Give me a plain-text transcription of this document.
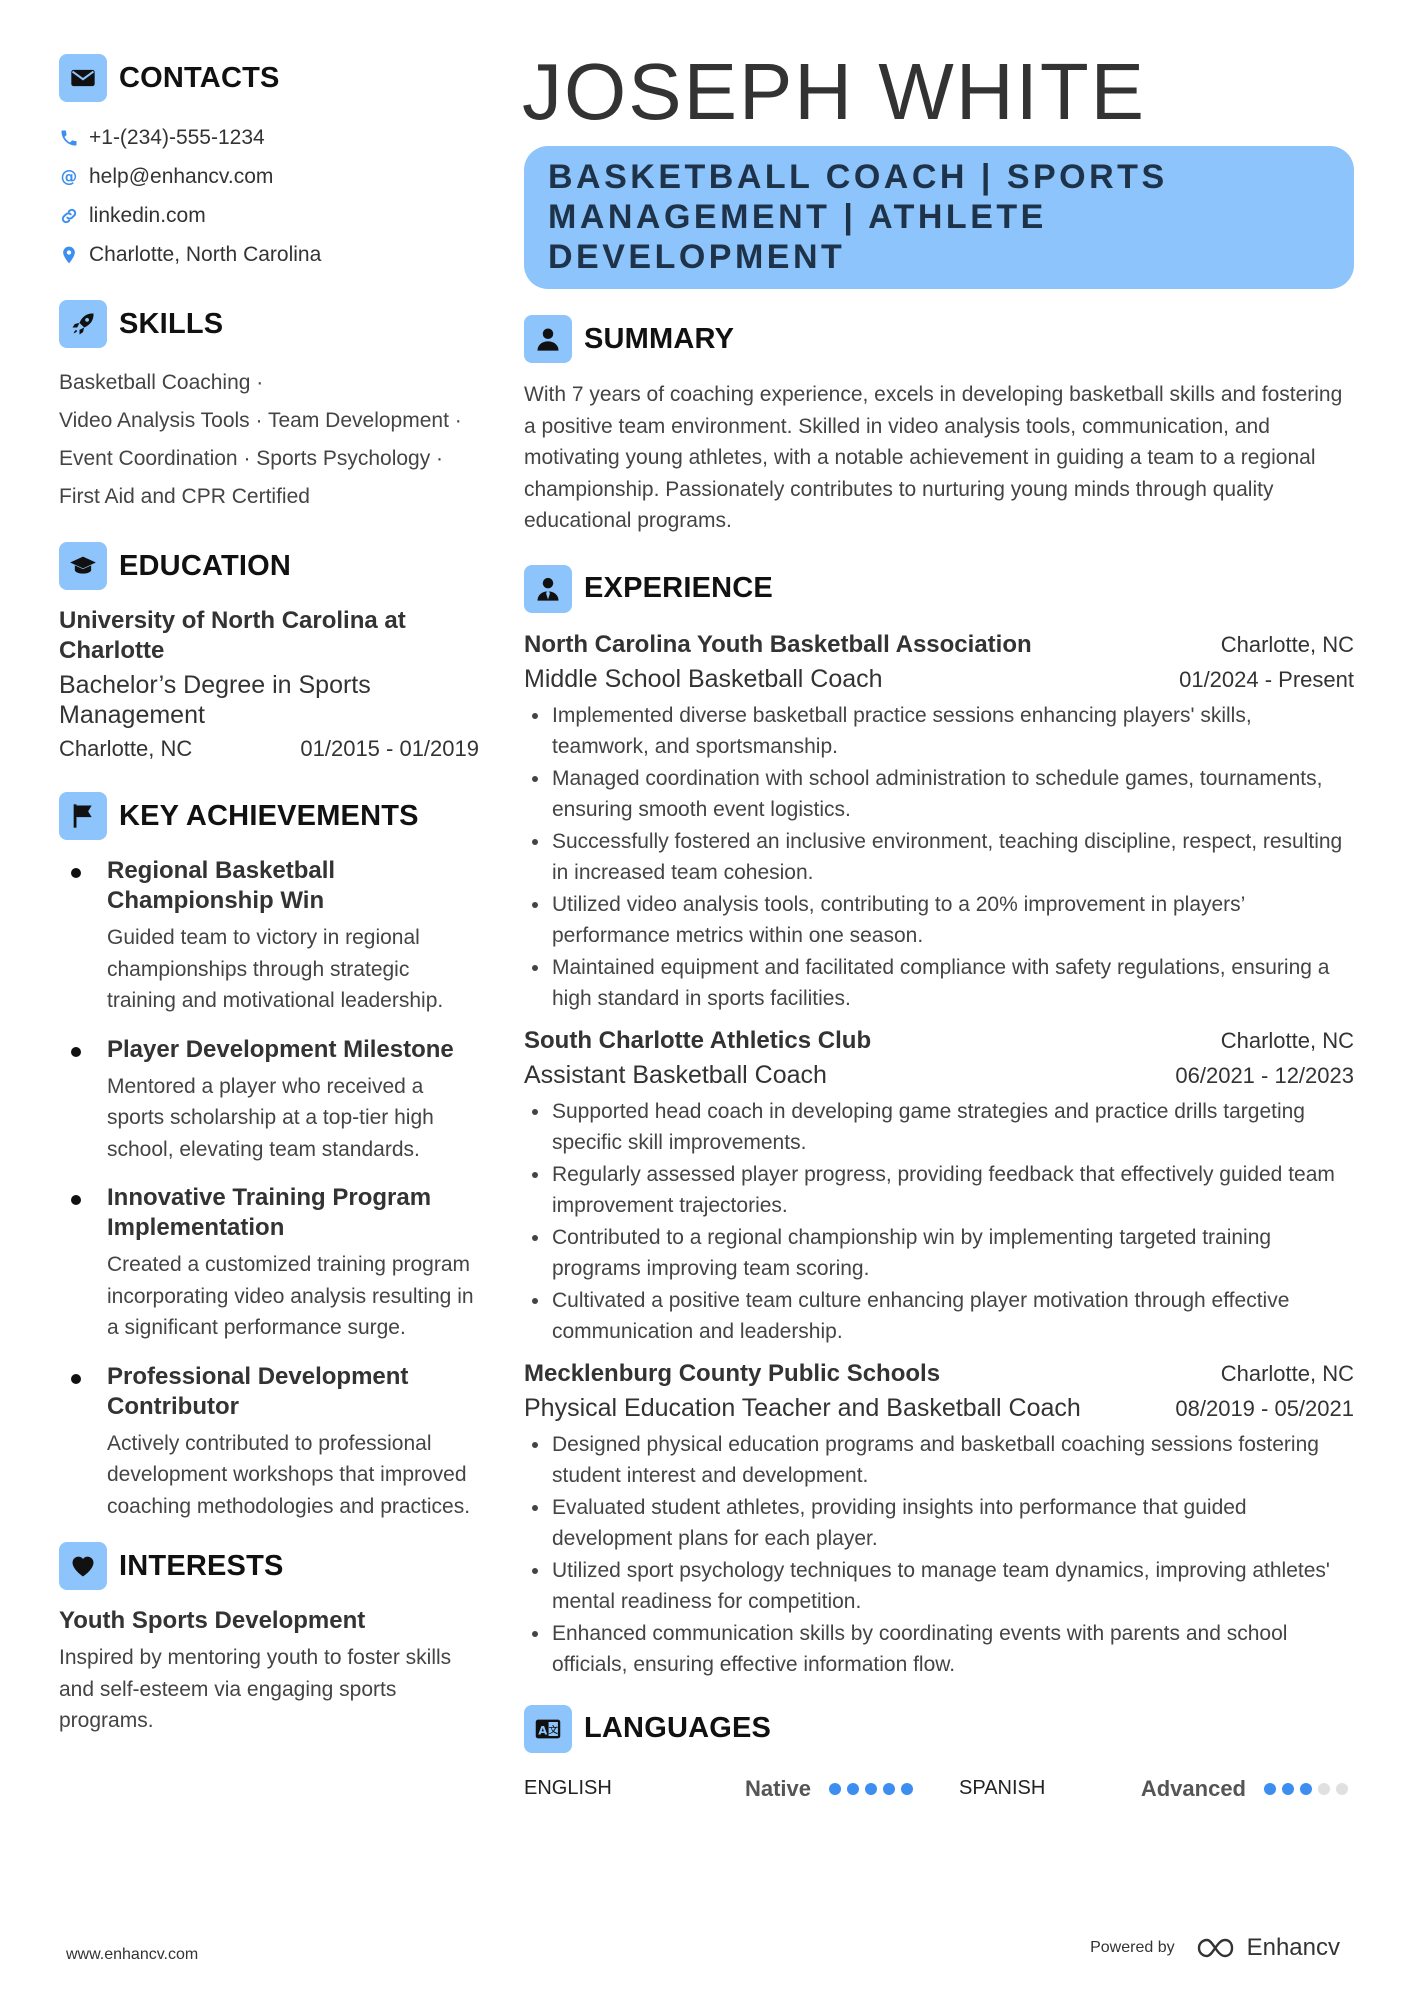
CONTACTS
+1-(234)-555-1234
@ help@enhancv.com
linkedin.com
Charlotte, North Carolina
SKILLS
Basketball Coaching ·
Video Analysis Tools · Team Development ·
Event Coordination · Sports Psychology ·
First Aid and CPR Certified
EDUCATION
University of North Carolina at Charlotte
Bachelor’s Degree in Sports Management
Charlotte, NC	01/2015 - 01/2019
KEY ACHIEVEMENTS
Regional Basketball Championship Win
Guided team to victory in regional championships through strategic training and motivational leadership.
Player Development Milestone
Mentored a player who received a sports scholarship at a top-tier high school, elevating team standards.
Innovative Training Program Implementation
Created a customized training program incorporating video analysis resulting in a significant performance surge.
Professional Development Contributor
Actively contributed to professional development workshops that improved coaching methodologies and practices.
INTERESTS
Youth Sports Development
Inspired by mentoring youth to foster skills and self-esteem via engaging sports programs.
JOSEPH WHITE
BASKETBALL COACH | SPORTS MANAGEMENT | ATHLETE DEVELOPMENT
SUMMARY
With 7 years of coaching experience, excels in developing basketball skills and fostering a positive team environment. Skilled in video analysis tools, communication, and motivating young athletes, with a notable achievement in guiding a team to a regional championship. Passionately contributes to nurturing young minds through quality educational programs.
EXPERIENCE
North Carolina Youth Basketball Association	Charlotte, NC
Middle School Basketball Coach	01/2024 - Present
Implemented diverse basketball practice sessions enhancing players' skills, teamwork, and sportsmanship.
Managed coordination with school administration to schedule games, tournaments, ensuring smooth event logistics.
Successfully fostered an inclusive environment, teaching discipline, respect, resulting in increased team cohesion.
Utilized video analysis tools, contributing to a 20% improvement in players’ performance metrics within one season.
Maintained equipment and facilitated compliance with safety regulations, ensuring a high standard in sports facilities.
South Charlotte Athletics Club	Charlotte, NC
Assistant Basketball Coach	06/2021 - 12/2023
Supported head coach in developing game strategies and practice drills targeting specific skill improvements.
Regularly assessed player progress, providing feedback that effectively guided team improvement trajectories.
Contributed to a regional championship win by implementing targeted training programs improving team scoring.
Cultivated a positive team culture enhancing player motivation through effective communication and leadership.
Mecklenburg County Public Schools	Charlotte, NC
Physical Education Teacher and Basketball Coach	08/2019 - 05/2021
Designed physical education programs and basketball coaching sessions fostering student interest and development.
Evaluated student athletes, providing insights into performance that guided development plans for each player.
Utilized sport psychology techniques to manage team dynamics, improving athletes' mental readiness for competition.
Enhanced communication skills by coordinating events with parents and school officials, ensuring effective information flow.
A 文 LANGUAGES
ENGLISH	Native	SPANISH	Advanced
www.enhancv.com	Powered by	Enhancv
